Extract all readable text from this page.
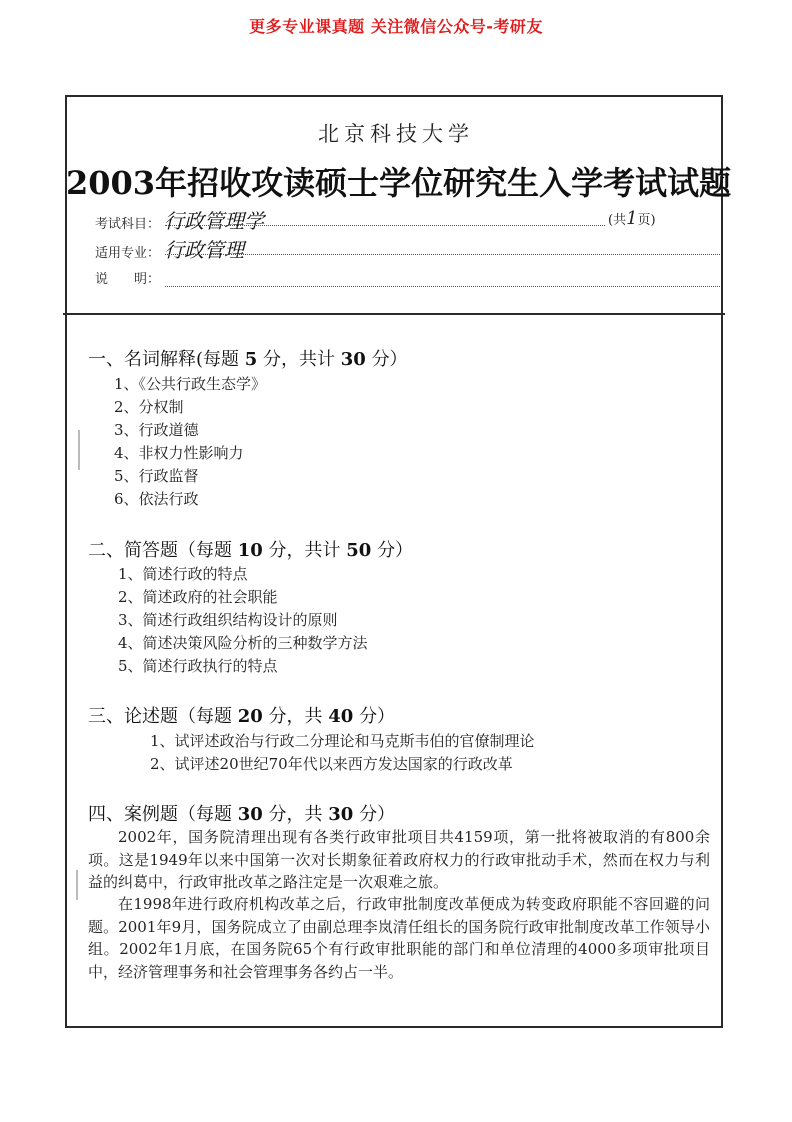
更多专业课真题 关注微信公众号-考研友
北京科技大学
2003年招收攻读硕士学位研究生入学考试试题
考试科目： 行政管理学	(共1页)
适用专业： 行政管理
说　　明：
一、名词解释(每题 5 分，共计 30 分）
1、《公共行政生态学》
2、分权制
3、行政道德
4、非权力性影响力
5、行政监督
6、依法行政
二、简答题（每题 10 分，共计 50 分）
1、简述行政的特点
2、简述政府的社会职能
3、简述行政组织结构设计的原则
4、简述决策风险分析的三种数学方法
5、简述行政执行的特点
三、论述题（每题 20 分，共 40 分）
1、试评述政治与行政二分理论和马克斯韦伯的官僚制理论
2、试评述20世纪70年代以来西方发达国家的行政改革
四、案例题（每题 30 分，共 30 分）

2002年，国务院清理出现有各类行政审批项目共4159项，第一批将被取消的有800余项。这是1949年以来中国第一次对长期象征着政府权力的行政审批动手术，然而在权力与利益的纠葛中，行政审批改革之路注定是一次艰难之旅。

在1998年进行政府机构改革之后，行政审批制度改革便成为转变政府职能不容回避的问题。2001年9月，国务院成立了由副总理李岚清任组长的国务院行政审批制度改革工作领导小组。2002年1月底，在国务院65个有行政审批职能的部门和单位清理的4000多项审批项目中，经济管理事务和社会管理事务各约占一半。
